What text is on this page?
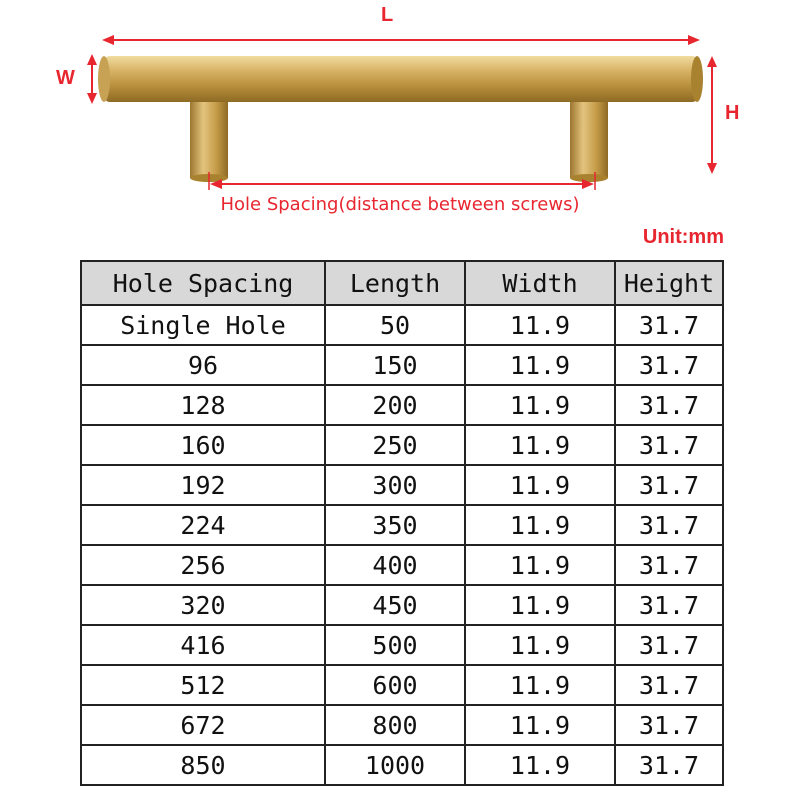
L
W
H
Hole Spacing(distance between screws)
Unit:mm
Hole Spacing	Length	Width	Height
Single Hole	50	11.9	31.7
96	150	11.9	31.7
128	200	11.9	31.7
160	250	11.9	31.7
192	300	11.9	31.7
224	350	11.9	31.7
256	400	11.9	31.7
320	450	11.9	31.7
416	500	11.9	31.7
512	600	11.9	31.7
672	800	11.9	31.7
850	1000	11.9	31.7
